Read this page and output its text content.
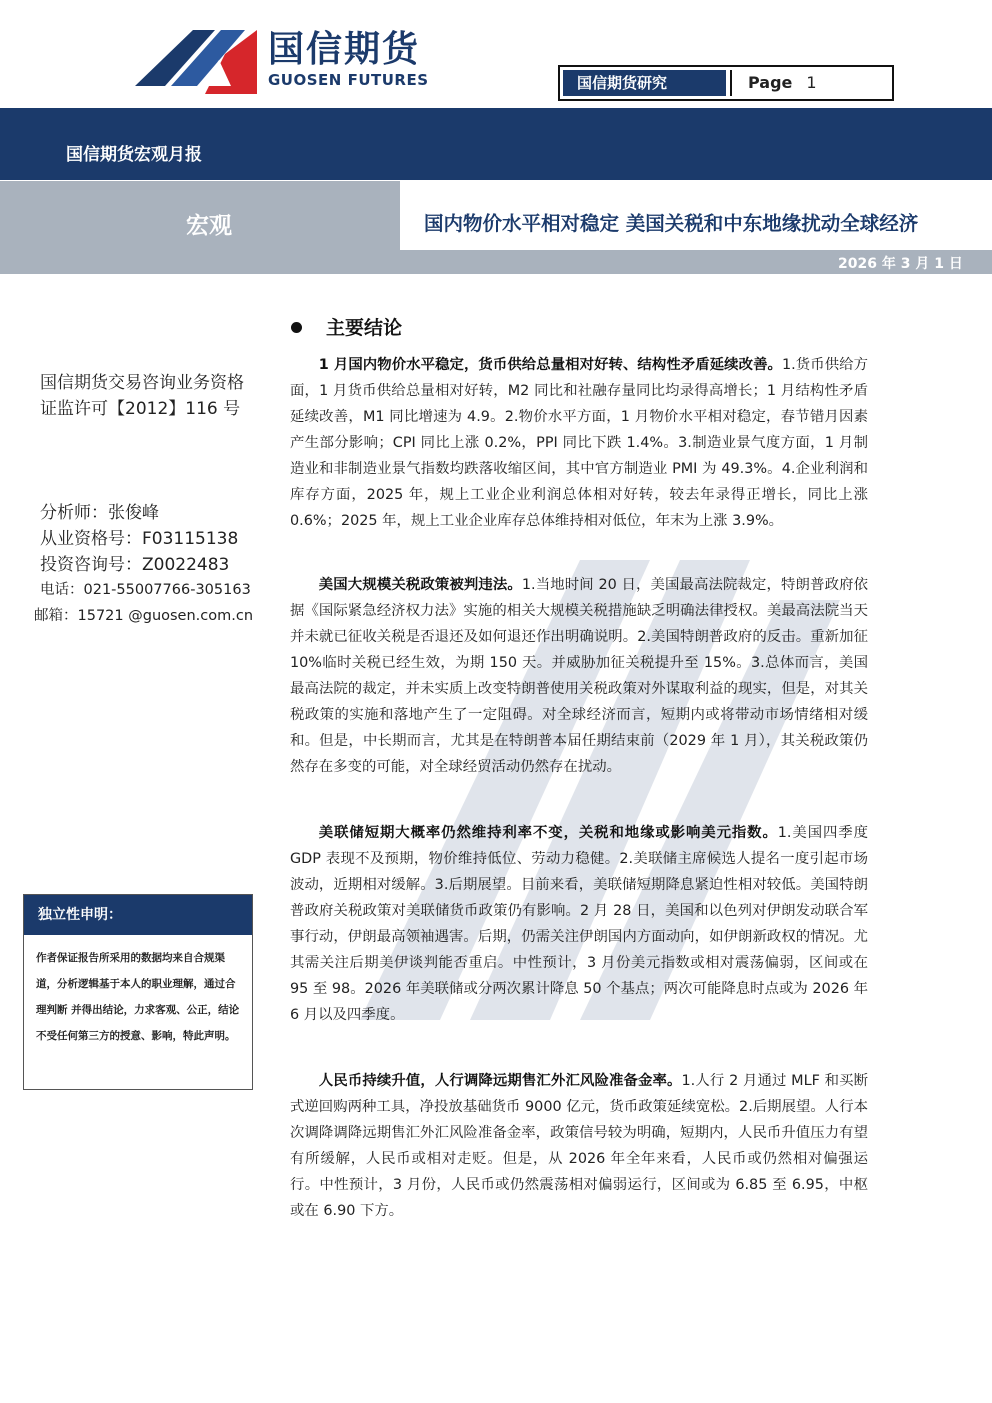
国信期货
GUOSEN FUTURES	国信期货研究	Page 1
国信期货宏观月报
宏观	国内物价水平相对稳定 美国关税和中东地缘扰动全球经济
2026 年 3 月 1 日
国信期货交易咨询业务资格
证监许可【2012】116 号
分析师：张俊峰
从业资格号：F03115138
投资咨询号：Z0022483
电话：021-55007766-305163
邮箱：15721 @guosen.com.cn
独立性申明：
作者保证报告所采用的数据均来自合规渠道，分析逻辑基于本人的职业理解，通过合理判断 并得出结论，力求客观、公正，结论不受任何第三方的授意、影响，特此声明。
主要结论
1 月国内物价水平稳定，货币供给总量相对好转、结构性矛盾延续改善。1.货币供给方面，1 月货币供给总量相对好转，M2 同比和社融存量同比均录得高增长；1 月结构性矛盾延续改善，M1 同比增速为 4.9。2.物价水平方面，1 月物价水平相对稳定，春节错月因素产生部分影响；CPI 同比上涨 0.2%，PPI 同比下跌 1.4%。3.制造业景气度方面，1 月制造业和非制造业景气指数均跌落收缩区间，其中官方制造业 PMI 为 49.3%。4.企业利润和库存方面，2025 年，规上工业企业利润总体相对好转，较去年录得正增长，同比上涨 0.6%；2025 年，规上工业企业库存总体维持相对低位，年末为上涨 3.9%。
美国大规模关税政策被判违法。1.当地时间 20 日，美国最高法院裁定，特朗普政府依据《国际紧急经济权力法》实施的相关大规模关税措施缺乏明确法律授权。美最高法院当天并未就已征收关税是否退还及如何退还作出明确说明。2.美国特朗普政府的反击。重新加征 10%临时关税已经生效，为期 150 天。并威胁加征关税提升至 15%。3.总体而言，美国最高法院的裁定，并未实质上改变特朗普使用关税政策对外谋取利益的现实，但是，对其关税政策的实施和落地产生了一定阻碍。对全球经济而言，短期内或将带动市场情绪相对缓和。但是，中长期而言，尤其是在特朗普本届任期结束前（2029 年 1 月），其关税政策仍然存在多变的可能，对全球经贸活动仍然存在扰动。
美联储短期大概率仍然维持利率不变，关税和地缘或影响美元指数。1.美国四季度 GDP 表现不及预期，物价维持低位、劳动力稳健。2.美联储主席候选人提名一度引起市场波动，近期相对缓解。3.后期展望。目前来看，美联储短期降息紧迫性相对较低。美国特朗普政府关税政策对美联储货币政策仍有影响。2 月 28 日，美国和以色列对伊朗发动联合军事行动，伊朗最高领袖遇害。后期，仍需关注伊朗国内方面动向，如伊朗新政权的情况。尤其需关注后期美伊谈判能否重启。中性预计，3 月份美元指数或相对震荡偏弱，区间或在 95 至 98。2026 年美联储或分两次累计降息 50 个基点；两次可能降息时点或为 2026 年 6 月以及四季度。
人民币持续升值，人行调降远期售汇外汇风险准备金率。1.人行 2 月通过 MLF 和买断式逆回购两种工具，净投放基础货币 9000 亿元，货币政策延续宽松。2.后期展望。人行本次调降调降远期售汇外汇风险准备金率，政策信号较为明确，短期内，人民币升值压力有望有所缓解，人民币或相对走贬。但是，从 2026 年全年来看，人民币或仍然相对偏强运行。中性预计，3 月份，人民币或仍然震荡相对偏弱运行，区间或为 6.85 至 6.95，中枢或在 6.90 下方。
